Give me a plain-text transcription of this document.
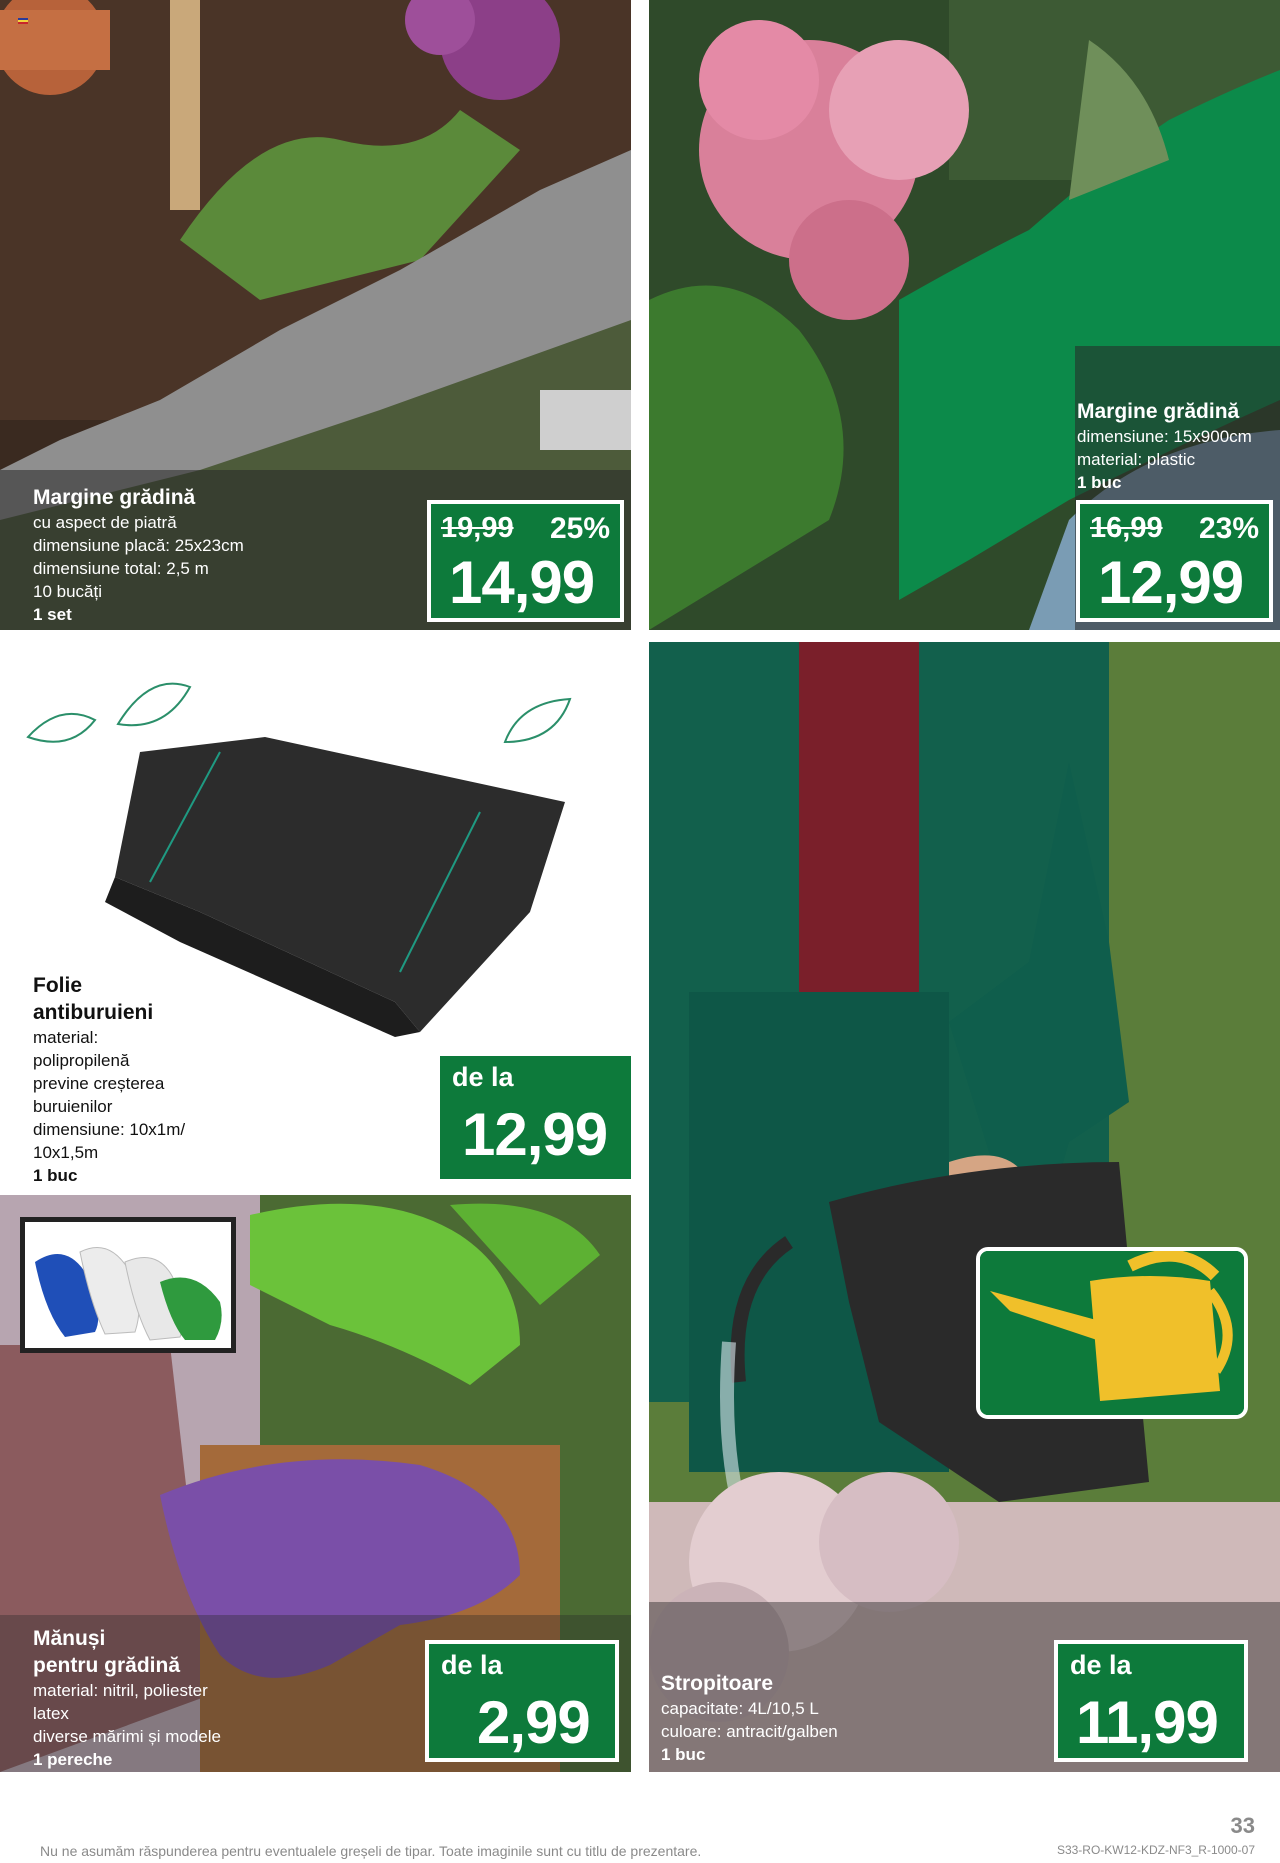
Margine grădină
cu aspect de piatră
dimensiune placă: 25x23cm
dimensiune total: 2,5 m
10 bucăți
1 set
19,99 25%
14,99
Margine grădină
dimensiune: 15x900cm
material: plastic
1 buc
16,99 23%
12,99
Folie
antiburuieni
material:
polipropilenă
previne creșterea
buruienilor
dimensiune: 10x1m/
10x1,5m
1 buc
de la
12,99
Stropitoare
capacitate: 4L/10,5 L
culoare: antracit/galben
1 buc
de la
11,99
Mănuși
pentru grădină
material: nitril, poliester
latex
diverse mărimi și modele
1 pereche
de la
2,99
33
Nu ne asumăm răspunderea pentru eventualele greșeli de tipar. Toate imaginile sunt cu titlu de prezentare.	S33-RO-KW12-KDZ-NF3_R-1000-07
